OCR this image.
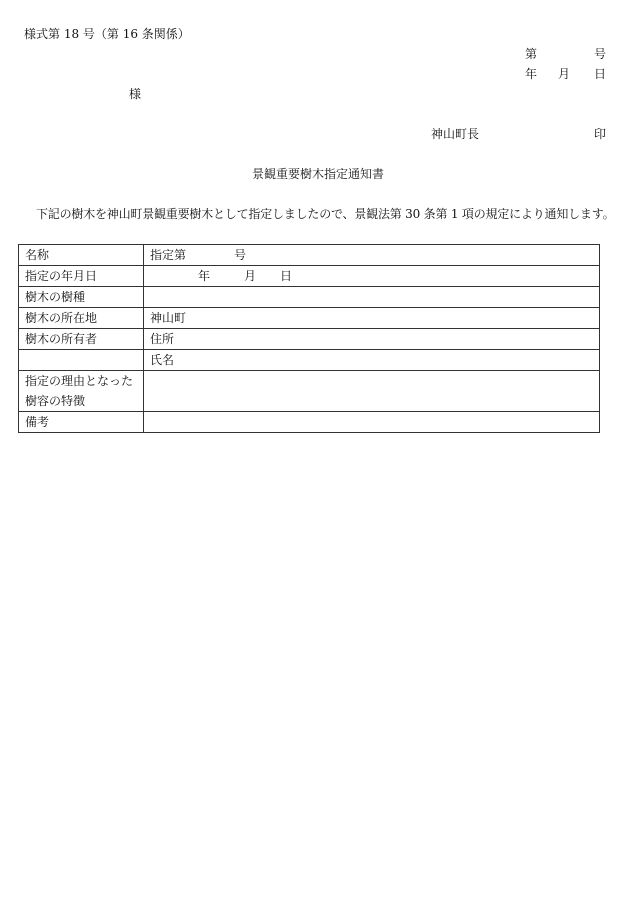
様式第 18 号（第 16 条関係）
第	号
年 月 日
様
神山町長	印
景観重要樹木指定通知書
下記の樹木を神山町景観重要樹木として指定しましたので、景観法第 30 条第 1 項の規定により通知します。
名称	指定第 号
指定の年月日	年 月 日
樹木の樹種	
樹木の所在地	神山町
樹木の所有者	住所
	氏名

指定の理由となった
樹容の特徴	

備考	
